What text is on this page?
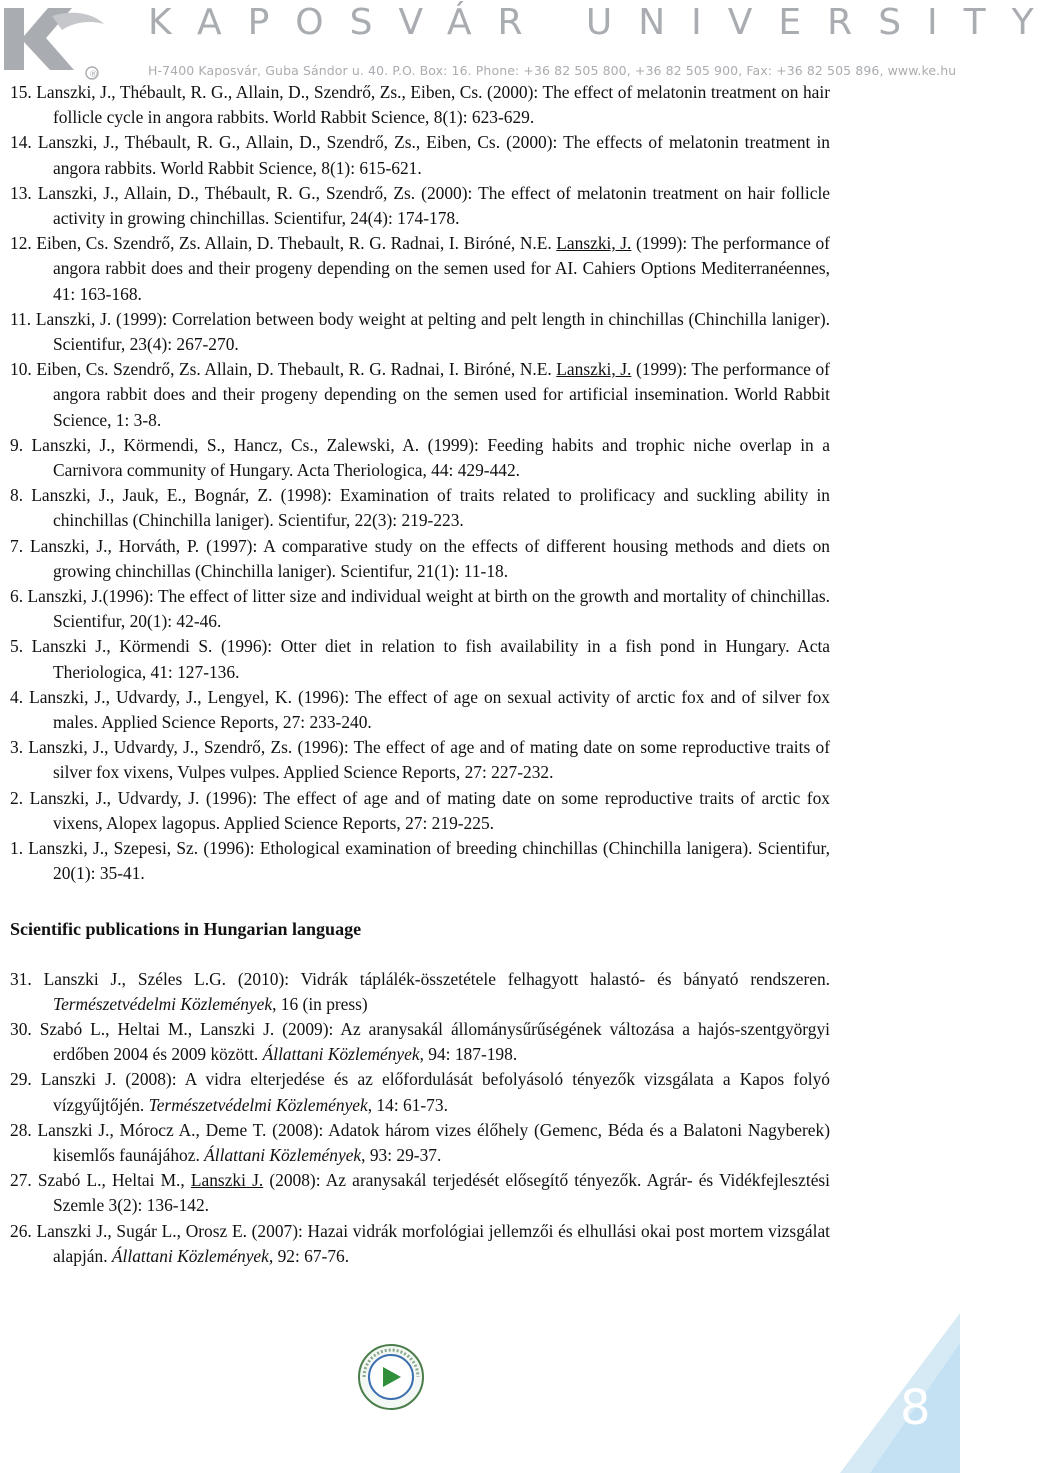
®
KAPOSVÁR UNIVERSITY
H-7400 Kaposvár, Guba Sándor u. 40. P.O. Box: 16. Phone: +36 82 505 800, +36 82 505 900, Fax: +36 82 505 896, www.ke.hu

15. Lanszki, J., Thébault, R. G., Allain, D., Szendrő, Zs., Eiben, Cs. (2000): The effect of melatonin treatment on hair follicle cycle in angora rabbits. World Rabbit Science, 8(1): 623-629.

14. Lanszki, J., Thébault, R. G., Allain, D., Szendrő, Zs., Eiben, Cs. (2000): The effects of melatonin treatment in angora rabbits. World Rabbit Science, 8(1): 615-621.

13. Lanszki, J., Allain, D., Thébault, R. G., Szendrő, Zs. (2000): The effect of melatonin treatment on hair follicle activity in growing chinchillas. Scientifur, 24(4): 174-178.

12. Eiben, Cs. Szendrő, Zs. Allain, D. Thebault, R. G. Radnai, I. Biróné, N.E. Lanszki, J. (1999): The performance of angora rabbit does and their progeny depending on the semen used for AI. Cahiers Options Mediterranéennes, 41: 163-168.

11. Lanszki, J. (1999): Correlation between body weight at pelting and pelt length in chinchillas (Chinchilla laniger). Scientifur, 23(4): 267-270.

10. Eiben, Cs. Szendrő, Zs. Allain, D. Thebault, R. G. Radnai, I. Biróné, N.E. Lanszki, J. (1999): The performance of angora rabbit does and their progeny depending on the semen used for artificial insemination. World Rabbit Science, 1: 3-8.

9. Lanszki, J., Körmendi, S., Hancz, Cs., Zalewski, A. (1999): Feeding habits and trophic niche overlap in a Carnivora community of Hungary. Acta Theriologica, 44: 429-442.

8. Lanszki, J., Jauk, E., Bognár, Z. (1998): Examination of traits related to prolificacy and suckling ability in chinchillas (Chinchilla laniger). Scientifur, 22(3): 219-223.

7. Lanszki, J., Horváth, P. (1997): A comparative study on the effects of different housing methods and diets on growing chinchillas (Chinchilla laniger). Scientifur, 21(1): 11-18.

6. Lanszki, J.(1996): The effect of litter size and individual weight at birth on the growth and mortality of chinchillas. Scientifur, 20(1): 42-46.

5. Lanszki J., Körmendi S. (1996): Otter diet in relation to fish availability in a fish pond in Hungary. Acta Theriologica, 41: 127-136.

4. Lanszki, J., Udvardy, J., Lengyel, K. (1996): The effect of age on sexual activity of arctic fox and of silver fox males. Applied Science Reports, 27: 233-240.

3. Lanszki, J., Udvardy, J., Szendrő, Zs. (1996): The effect of age and of mating date on some reproductive traits of silver fox vixens, Vulpes vulpes. Applied Science Reports, 27: 227-232.

2. Lanszki, J., Udvardy, J. (1996): The effect of age and of mating date on some reproductive traits of arctic fox vixens, Alopex lagopus. Applied Science Reports, 27: 219-225.

1. Lanszki, J., Szepesi, Sz. (1996): Ethological examination of breeding chinchillas (Chinchilla lanigera). Scientifur, 20(1): 35-41.

Scientific publications in Hungarian language

31. Lanszki J., Széles L.G. (2010): Vidrák táplálék-összetétele felhagyott halastó- és bányató rendszeren. Természetvédelmi Közlemények, 16 (in press)

30. Szabó L., Heltai M., Lanszki J. (2009): Az aranysakál állománysűrűségének változása a hajós-szentgyörgyi erdőben 2004 és 2009 között. Állattani Közlemények, 94: 187-198.

29. Lanszki J. (2008): A vidra elterjedése és az előfordulását befolyásoló tényezők vizsgálata a Kapos folyó vízgyűjtőjén. Természetvédelmi Közlemények, 14: 61-73.

28. Lanszki J., Mórocz A., Deme T. (2008): Adatok három vizes élőhely (Gemenc, Béda és a Balatoni Nagyberek) kisemlős faunájához. Állattani Közlemények, 93: 29-37.

27. Szabó L., Heltai M., Lanszki J. (2008): Az aranysakál terjedését elősegítő tényezők. Agrár- és Vidékfejlesztési Szemle 3(2): 136-142.

26. Lanszki J., Sugár L., Orosz E. (2007): Hazai vidrák morfológiai jellemzői és elhullási okai post mortem vizsgálat alapján. Állattani Közlemények, 92: 67-76.

8
